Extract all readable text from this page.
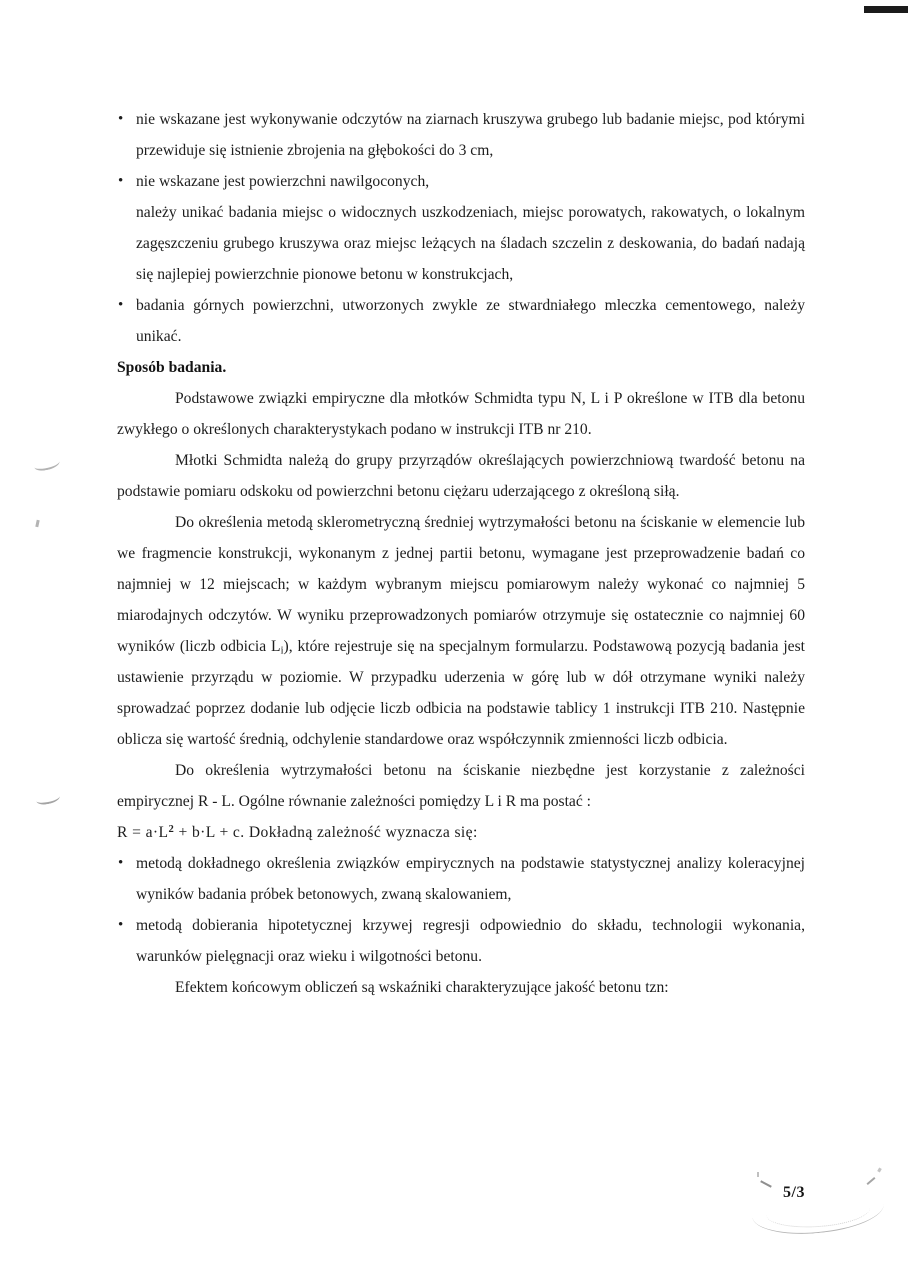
• nie wskazane jest wykonywanie odczytów na ziarnach kruszywa grubego lub badanie miejsc, pod którymi przewiduje się istnienie zbrojenia na głębokości do 3 cm,
• nie wskazane jest powierzchni nawilgoconych,

należy unikać badania miejsc o widocznych uszkodzeniach, miejsc porowatych, rakowatych, o lokalnym zagęszczeniu grubego kruszywa oraz miejsc leżących na śladach szczelin z deskowania, do badań nadają się najlepiej powierzchnie pionowe betonu w konstrukcjach,

• badania górnych powierzchni, utworzonych zwykle ze stwardniałego mleczka cementowego, należy unikać.

Sposób badania.

Podstawowe związki empiryczne dla młotków Schmidta typu N, L i P określone w ITB dla betonu zwykłego o określonych charakterystykach podano w instrukcji ITB nr 210.

Młotki Schmidta należą do grupy przyrządów określających powierzchniową twardość betonu na podstawie pomiaru odskoku od powierzchni betonu ciężaru uderzającego z określoną siłą.

Do określenia metodą sklerometryczną średniej wytrzymałości betonu na ściskanie w elemencie lub we fragmencie konstrukcji, wykonanym z jednej partii betonu, wymagane jest przeprowadzenie badań co najmniej w 12 miejscach; w każdym wybranym miejscu pomiarowym należy wykonać co najmniej 5 miarodajnych odczytów. W wyniku przeprowadzonych pomiarów otrzymuje się ostatecznie co najmniej 60 wyników (liczb odbicia $L_i$), które rejestruje się na specjalnym formularzu. Podstawową pozycją badania jest ustawienie przyrządu w poziomie. W przypadku uderzenia w górę lub w dół otrzymane wyniki należy sprowadzać poprzez dodanie lub odjęcie liczb odbicia na podstawie tablicy 1 instrukcji ITB 210. Następnie oblicza się wartość średnią, odchylenie standardowe oraz współczynnik zmienności liczb odbicia.

Do określenia wytrzymałości betonu na ściskanie niezbędne jest korzystanie z zależności empirycznej R - L. Ogólne równanie zależności pomiędzy L i R ma postać :

$R = a\cdot L^2 + b\cdot L + c$. Dokładną zależność wyznacza się:

• metodą dokładnego określenia związków empirycznych na podstawie statystycznej analizy koleracyjnej wyników badania próbek betonowych, zwaną skalowaniem,
• metodą dobierania hipotetycznej krzywej regresji odpowiednio do składu, technologii wykonania, warunków pielęgnacji oraz wieku i wilgotności betonu.

Efektem końcowym obliczeń są wskaźniki charakteryzujące jakość betonu tzn:

5/3
